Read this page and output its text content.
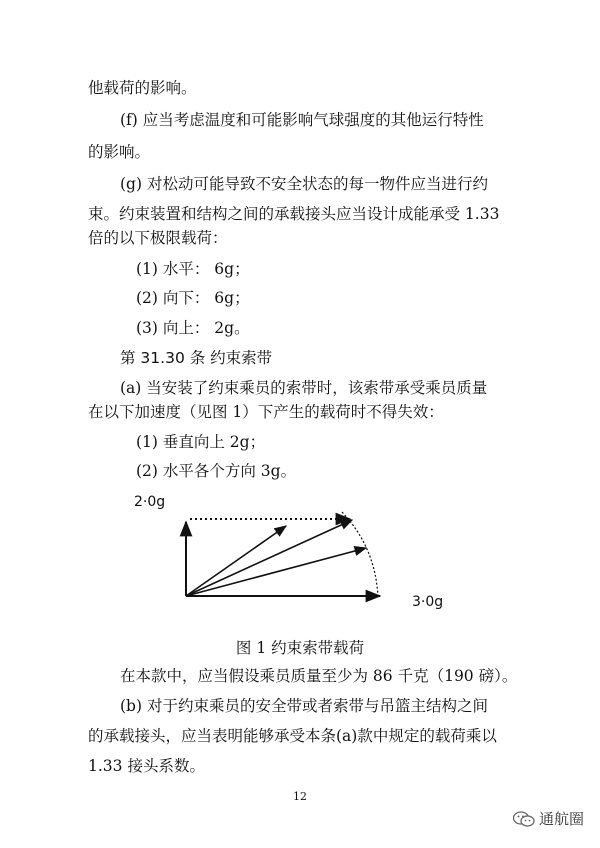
他载荷的影响。
(f) 应当考虑温度和可能影响气球强度的其他运行特性
的影响。
(g) 对松动可能导致不安全状态的每一物件应当进行约
束。约束装置和结构之间的承载接头应当设计成能承受 1.33
倍的以下极限载荷：
(1) 水平： 6g；
(2) 向下： 6g；
(3) 向上： 2g。
第 31.30 条 约束索带
(a) 当安装了约束乘员的索带时，该索带承受乘员质量
在以下加速度（见图 1）下产生的载荷时不得失效：
(1) 垂直向上 2g；
(2) 水平各个方向 3g。
2·0g
3·0g
图 1 约束索带载荷
在本款中，应当假设乘员质量至少为 86 千克（190 磅）。
(b) 对于约束乘员的安全带或者索带与吊篮主结构之间
的承载接头，应当表明能够承受本条(a)款中规定的载荷乘以
1.33 接头系数。
12
通航圈
